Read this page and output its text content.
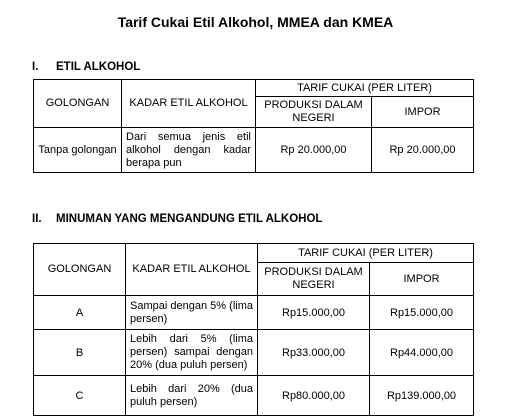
Tarif Cukai Etil Alkohol, MMEA dan KMEA
I. ETIL ALKOHOL
GOLONGAN	KADAR ETIL ALKOHOL	TARIF CUKAI (PER LITER)	
		PRODUKSI DALAM NEGERI	IMPOR
Tanpa golongan	Dari semua jenis etil alkohol dengan kadar berapa pun	Rp 20.000,00	Rp 20.000,00
II. MINUMAN YANG MENGANDUNG ETIL ALKOHOL
GOLONGAN	KADAR ETIL ALKOHOL	TARIF CUKAI (PER LITER)	
		PRODUKSI DALAM NEGERI	IMPOR
A	Sampai dengan 5% (lima persen)	Rp15.000,00	Rp15.000,00
B	Lebih dari 5% (lima persen) sampai dengan 20% (dua puluh persen)	Rp33.000,00	Rp44.000,00
C	Lebih dari 20% (dua puluh persen)	Rp80.000,00	Rp139.000,00
